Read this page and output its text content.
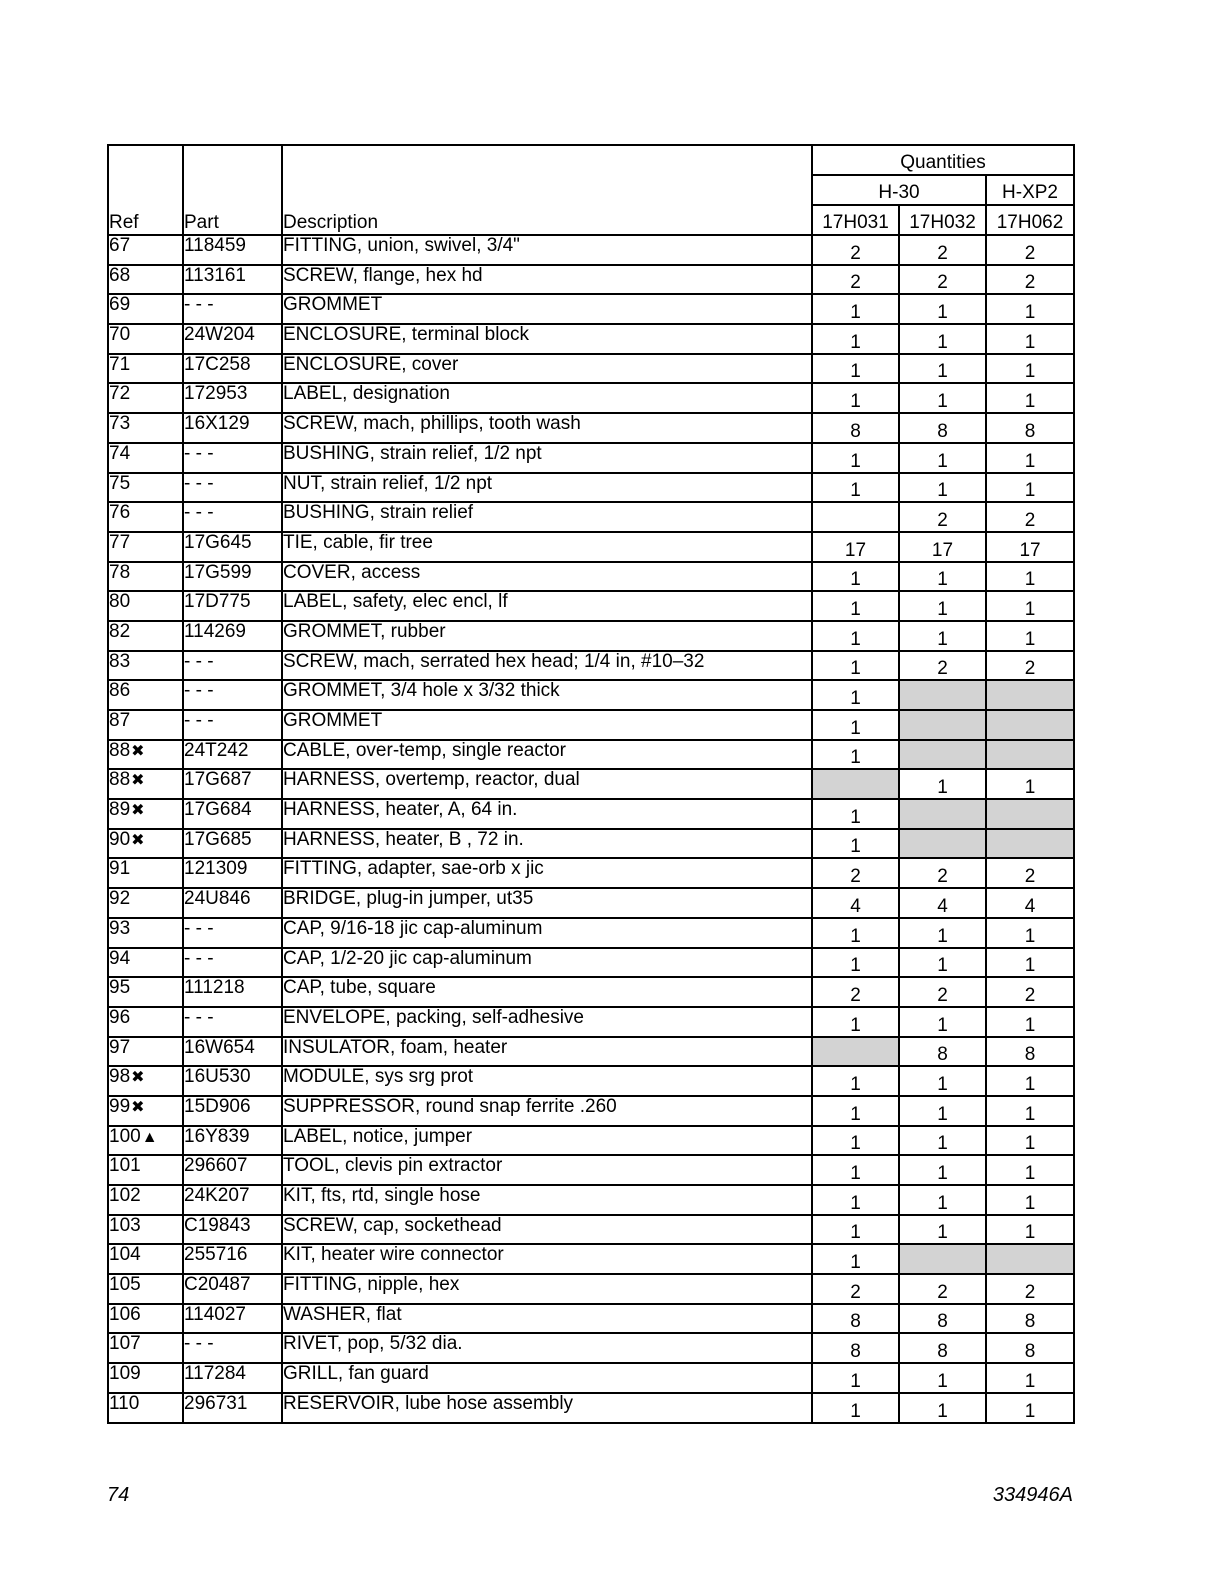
Ref	Part	Description	Quantities		
			H-30		H-XP2
			17H031	17H032	17H062
67	118459	FITTING, union, swivel, 3/4"	2	2	2
68	113161	SCREW, flange, hex hd	2	2	2
69	- - -	GROMMET	1	1	1
70	24W204	ENCLOSURE, terminal block	1	1	1
71	17C258	ENCLOSURE, cover	1	1	1
72	172953	LABEL, designation	1	1	1
73	16X129	SCREW, mach, phillips, tooth wash	8	8	8
74	- - -	BUSHING, strain relief, 1/2 npt	1	1	1
75	- - -	NUT, strain relief, 1/2 npt	1	1	1
76	- - -	BUSHING, strain relief		2	2
77	17G645	TIE, cable, fir tree	17	17	17
78	17G599	COVER, access	1	1	1
80	17D775	LABEL, safety, elec encl, lf	1	1	1
82	114269	GROMMET, rubber	1	1	1
83	- - -	SCREW, mach, serrated hex head; 1/4 in, #10–32	1	2	2
86	- - -	GROMMET, 3/4 hole x 3/32 thick	1		
87	- - -	GROMMET	1		
88✖	24T242	CABLE, over-temp, single reactor	1		
88✖	17G687	HARNESS, overtemp, reactor, dual		1	1
89✖	17G684	HARNESS, heater, A, 64 in.	1		
90✖	17G685	HARNESS, heater, B , 72 in.	1		
91	121309	FITTING, adapter, sae-orb x jic	2	2	2
92	24U846	BRIDGE, plug-in jumper, ut35	4	4	4
93	- - -	CAP, 9/16-18 jic cap-aluminum	1	1	1
94	- - -	CAP, 1/2-20 jic cap-aluminum	1	1	1
95	111218	CAP, tube, square	2	2	2
96	- - -	ENVELOPE, packing, self-adhesive	1	1	1
97	16W654	INSULATOR, foam, heater		8	8
98✖	16U530	MODULE, sys srg prot	1	1	1
99✖	15D906	SUPPRESSOR, round snap ferrite .260	1	1	1
100▲	16Y839	LABEL, notice, jumper	1	1	1
101	296607	TOOL, clevis pin extractor	1	1	1
102	24K207	KIT, fts, rtd, single hose	1	1	1
103	C19843	SCREW, cap, sockethead	1	1	1
104	255716	KIT, heater wire connector	1		
105	C20487	FITTING, nipple, hex	2	2	2
106	114027	WASHER, flat	8	8	8
107	- - -	RIVET, pop, 5/32 dia.	8	8	8
109	117284	GRILL, fan guard	1	1	1
110	296731	RESERVOIR, lube hose assembly	1	1	1
74	334946A
